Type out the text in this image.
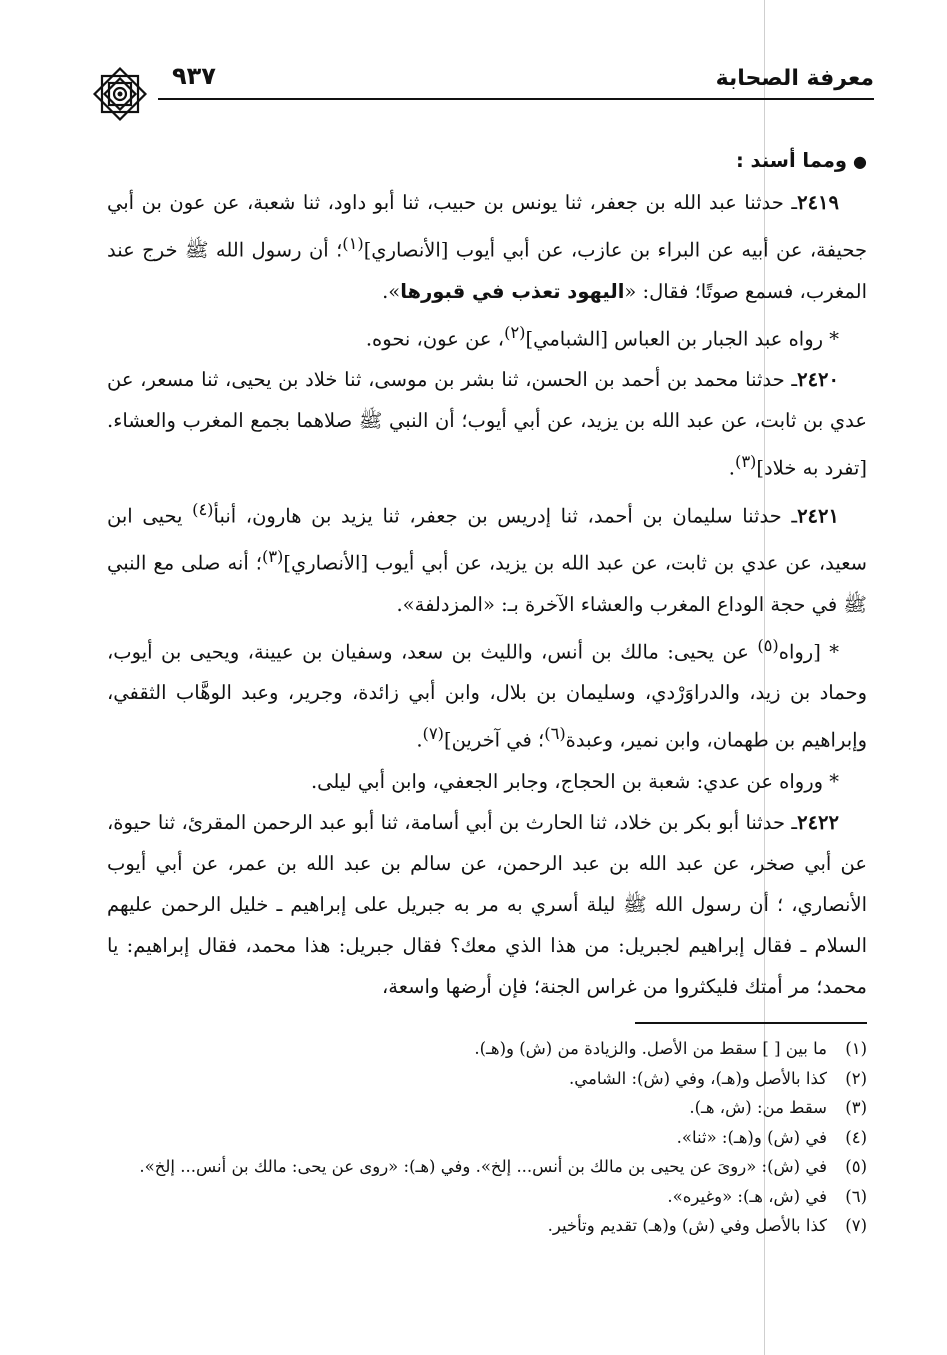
معرفة الصحابة
٩٣٧

●ومما أسند :

٢٤١٩ـ حدثنا عبد الله بن جعفر، ثنا يونس بن حبيب، ثنا أبو داود، ثنا شعبة، عن عون بن أبي جحيفة، عن أبيه عن البراء بن عازب، عن أبي أيوب [الأنصاري]$^{(١)}$؛ أن رسول الله ﷺ خرج عند المغرب، فسمع صوتًا؛ فقال: «اليهود تعذب في قبورها».

* رواه عبد الجبار بن العباس [الشبامي]$^{(٢)}$، عن عون، نحوه.

٢٤٢٠ـ حدثنا محمد بن أحمد بن الحسن، ثنا بشر بن موسى، ثنا خلاد بن يحيى، ثنا مسعر، عن عدي بن ثابت، عن عبد الله بن يزيد، عن أبي أيوب؛ أن النبي ﷺ صلاهما بجمع المغرب والعشاء. [تفرد به خلاد]$^{(٣)}$.

٢٤٢١ـ حدثنا سليمان بن أحمد، ثنا إدريس بن جعفر، ثنا يزيد بن هارون، أنبأ$^{(٤)}$ يحيى ابن سعيد، عن عدي بن ثابت، عن عبد الله بن يزيد، عن أبي أيوب [الأنصاري]$^{(٣)}$؛ أنه صلى مع النبي ﷺ في حجة الوداع المغرب والعشاء الآخرة بـ: «المزدلفة».

* [رواه$^{(٥)}$ عن يحيى: مالك بن أنس، والليث بن سعد، وسفيان بن عيينة، ويحيى بن أيوب، وحماد بن زيد، والدراوَرْدي، وسليمان بن بلال، وابن أبي زائدة، وجرير، وعبد الوهَّاب الثقفي، وإبراهيم بن طهمان، وابن نمير، وعبدة$^{(٦)}$؛ في آخرين]$^{(٧)}$.

* ورواه عن عدي: شعبة بن الحجاج، وجابر الجعفي، وابن أبي ليلى.

٢٤٢٢ـ حدثنا أبو بكر بن خلاد، ثنا الحارث بن أبي أسامة، ثنا أبو عبد الرحمن المقرئ، ثنا حيوة، عن أبي صخر، عن عبد الله بن عبد الرحمن، عن سالم بن عبد الله بن عمر، عن أبي أيوب الأنصاري، ؛ أن رسول الله ﷺ ليلة أسري به مر به جبريل على إبراهيم ـ خليل الرحمن عليهم السلام ـ فقال إبراهيم لجبريل: من هذا الذي معك؟ فقال جبريل: هذا محمد، فقال إبراهيم: يا محمد؛ مر أمتك فليكثروا من غراس الجنة؛ فإن أرضها واسعة،

(١)ما بين [ ] سقط من الأصل. والزيادة من (ش) و(هـ).

(٢)كذا بالأصل و(هـ)، وفي (ش): الشامي.

(٣)سقط من: (ش، هـ).

(٤)في (ش) و(هـ): «ثنا».

(٥)في (ش): «روىَ عن يحيى بن مالك بن أنس... إلخ». وفي (هـ): «روى عن يحى: مالك بن أنس... إلخ».

(٦)في (ش، هـ): «وغيره».

(٧)كذا بالأصل وفي (ش) و(هـ) تقديم وتأخير.
